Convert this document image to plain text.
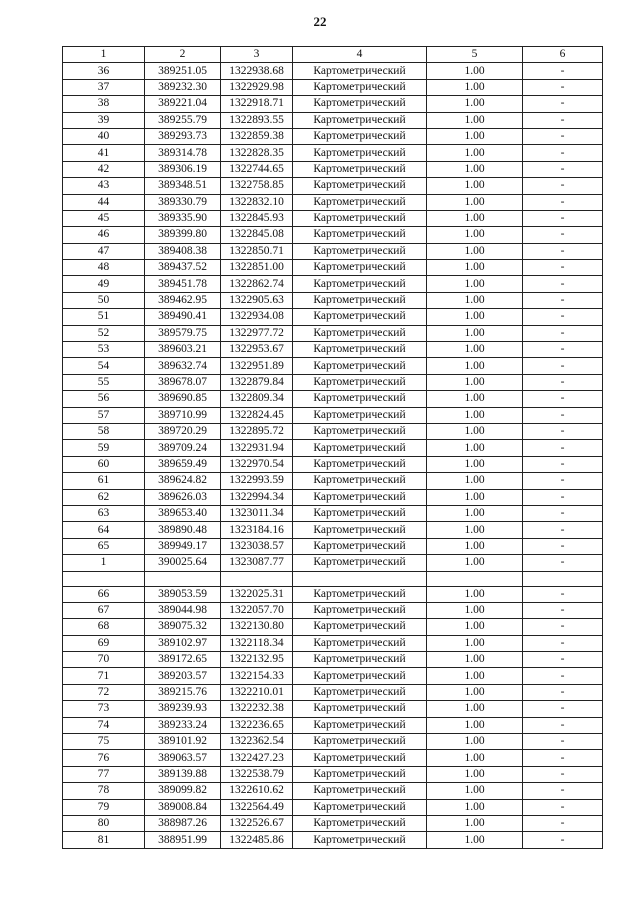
22
1	2	3	4	5	6
36	389251.05	1322938.68	Картометрический	1.00	-
37	389232.30	1322929.98	Картометрический	1.00	-
38	389221.04	1322918.71	Картометрический	1.00	-
39	389255.79	1322893.55	Картометрический	1.00	-
40	389293.73	1322859.38	Картометрический	1.00	-
41	389314.78	1322828.35	Картометрический	1.00	-
42	389306.19	1322744.65	Картометрический	1.00	-
43	389348.51	1322758.85	Картометрический	1.00	-
44	389330.79	1322832.10	Картометрический	1.00	-
45	389335.90	1322845.93	Картометрический	1.00	-
46	389399.80	1322845.08	Картометрический	1.00	-
47	389408.38	1322850.71	Картометрический	1.00	-
48	389437.52	1322851.00	Картометрический	1.00	-
49	389451.78	1322862.74	Картометрический	1.00	-
50	389462.95	1322905.63	Картометрический	1.00	-
51	389490.41	1322934.08	Картометрический	1.00	-
52	389579.75	1322977.72	Картометрический	1.00	-
53	389603.21	1322953.67	Картометрический	1.00	-
54	389632.74	1322951.89	Картометрический	1.00	-
55	389678.07	1322879.84	Картометрический	1.00	-
56	389690.85	1322809.34	Картометрический	1.00	-
57	389710.99	1322824.45	Картометрический	1.00	-
58	389720.29	1322895.72	Картометрический	1.00	-
59	389709.24	1322931.94	Картометрический	1.00	-
60	389659.49	1322970.54	Картометрический	1.00	-
61	389624.82	1322993.59	Картометрический	1.00	-
62	389626.03	1322994.34	Картометрический	1.00	-
63	389653.40	1323011.34	Картометрический	1.00	-
64	389890.48	1323184.16	Картометрический	1.00	-
65	389949.17	1323038.57	Картометрический	1.00	-
1	390025.64	1323087.77	Картометрический	1.00	-

66	389053.59	1322025.31	Картометрический	1.00	-
67	389044.98	1322057.70	Картометрический	1.00	-
68	389075.32	1322130.80	Картометрический	1.00	-
69	389102.97	1322118.34	Картометрический	1.00	-
70	389172.65	1322132.95	Картометрический	1.00	-
71	389203.57	1322154.33	Картометрический	1.00	-
72	389215.76	1322210.01	Картометрический	1.00	-
73	389239.93	1322232.38	Картометрический	1.00	-
74	389233.24	1322236.65	Картометрический	1.00	-
75	389101.92	1322362.54	Картометрический	1.00	-
76	389063.57	1322427.23	Картометрический	1.00	-
77	389139.88	1322538.79	Картометрический	1.00	-
78	389099.82	1322610.62	Картометрический	1.00	-
79	389008.84	1322564.49	Картометрический	1.00	-
80	388987.26	1322526.67	Картометрический	1.00	-
81	388951.99	1322485.86	Картометрический	1.00	-
